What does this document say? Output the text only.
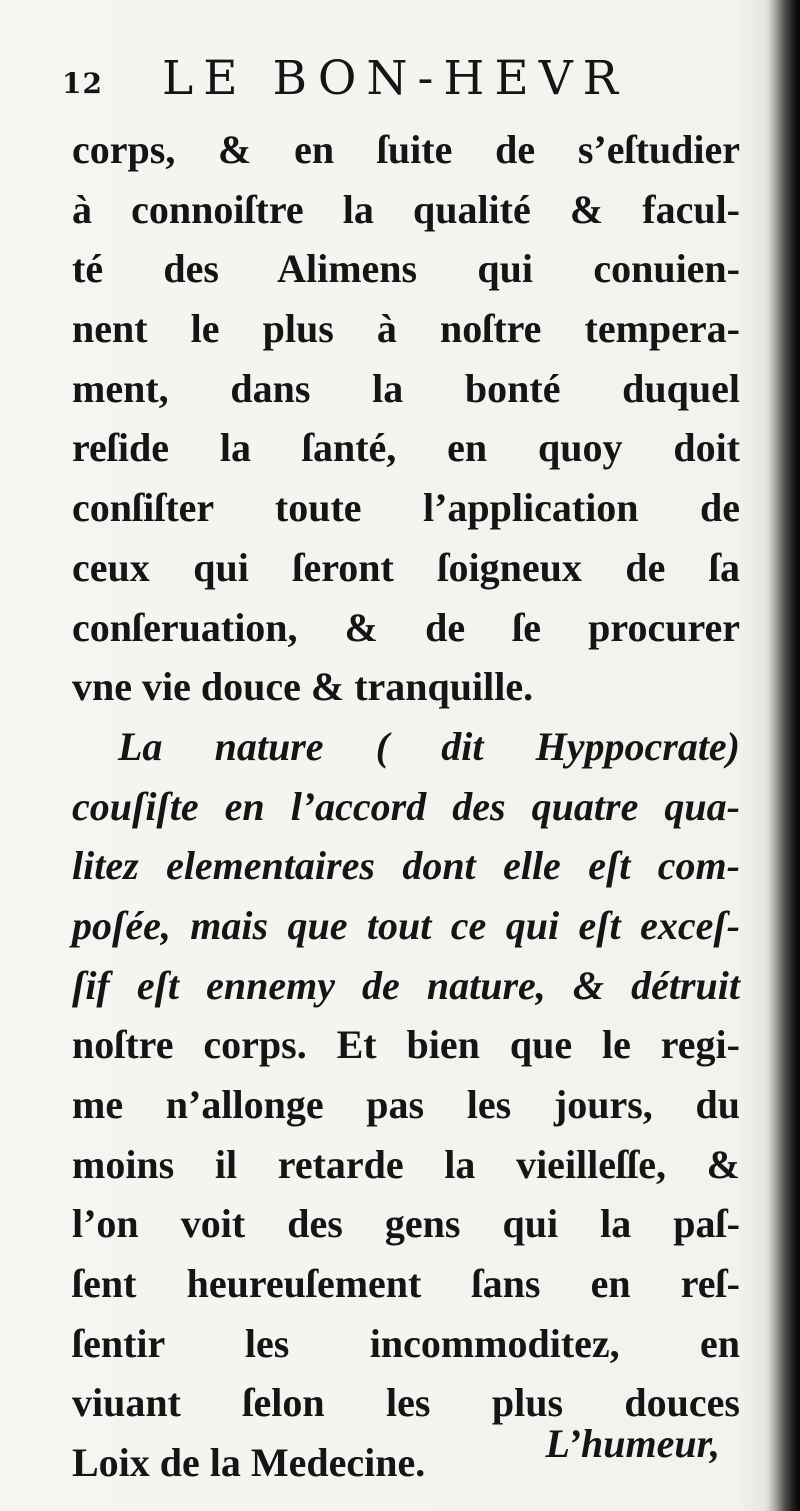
12 LE BON-HEVR
corps, & en ſuite de s’eſtudier
à connoiſtre la qualité & facul-
té des Alimens qui conuien-
nent le plus à noſtre tempera-
ment, dans la bonté duquel
reſide la ſanté, en quoy doit
conſiſter toute l’application de
ceux qui ſeront ſoigneux de ſa
conſeruation, & de ſe procurer
vne vie douce & tranquille.
La nature ( dit Hyppocrate)
couſiſte en l’accord des quatre qua-
litez elementaires dont elle eſt com-
poſée, mais que tout ce qui eſt exceſ-
ſif eſt ennemy de nature, & détruit
noſtre corps. Et bien que le regi-
me n’allonge pas les jours, du
moins il retarde la vieilleſſe, &
l’on voit des gens qui la paſ-
ſent heureuſement ſans en reſ-
ſentir les incommoditez, en
viuant ſelon les plus douces
Loix de la Medecine.	L’humeur,
